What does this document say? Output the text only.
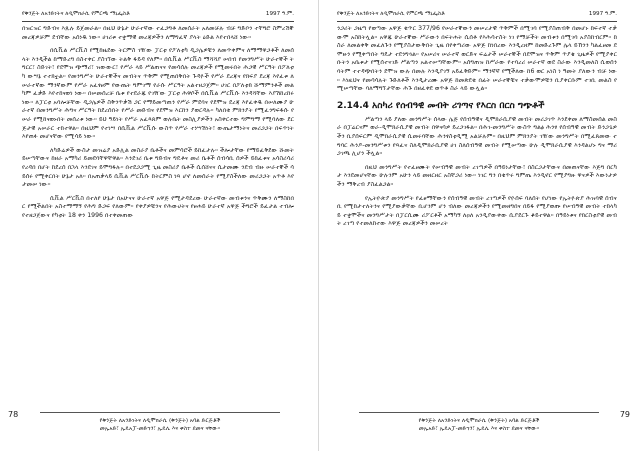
የቅንጅት ለአንድነትና ለዲሞክራሲ የምርጫ ማኒፌስቶ	1997 ዓ.ም.

በዝርዝር ግድብና እጹሉ ይጀመራል። በዚህ ሁኔታ ሁራተኛው ተፈጋግቶ ለመሰራት አለመቻሉ ብቻ ግድቦን ተቸግሮ ስምረሽኞ መረጃዎቻም ደብቸው አሰነዱ ነው። ሀገሪቱ ተቋማዊ መረጃዎችን ለማግፈኛ ያላት ዕድል እየተበላሸ ነው።

በሲቪል ሥርቪስ የሚከዜደው ትርምስ ገዥው ፓርቲ የፖለቲካ ዲጋሌዎቹን ለመጥቀምና ለማማዋጋቶች ለመሰላት እንዲችል ከማድረግ በስተቀር ያስገኘው ትልቅ ፋይዳ የለም። በሲቪል ሥርቪስ ማሻሻያ ሠበብ የመንግሥት ሁራተኞች ትግርር፣ ስድገት፣ የደሞዝ ጭማሪ፣ ዝውውር፣ የሥራ ላይ ሥልጠናና የመሳሰሉ መረጃዎች የሚመሩበት ሕጋዊ ሥርዓት በፖለቲካ ውሣኔ ተተክቷል። የመንግሥት ሁራተኞችና መብትና ጥቅም የሚጠበቅበት ጉዳዮች የሥራ ደረጃና የክፍያ ደረጃ እየፈቱ ለሠራተኛው ማንኛውም የሥራ አፈፃፀም የውጤት ግምገማ የራሱ ሥርዓት አልተዘጋጀም። ሀገር በፖለቲክ ሹማምንቶች መልካም ፈቃድ እየተከናወነ ነው። በሠመሰረቻ ቤቱ የተደራጁ የገዥው ፓርቲ ሕዋሶች በሲቪል ሥርቪሱ እንዳሻቸው እያሽከረከሩ ነው። ለፓርቲ አባሎቻቸው ዲጋሌዎች ስቅንጥቃሽ ጋር የማይመጣጠን የሥራ ምደባና የደሞዝ ደረጃ እየፈቀዱ በሠለሙያ ሁራተኛ በመንግሥት ሕግና ሥርዓት ከደረሰበት የሥራ መድብና የደሞዝ እርከን ያወርዳሉ። ካለበቂ ምክንያት የሚፈንግፍፋሱ የሠራ የሚከናወኑበት መሰረቱ ነው። ይህ ዓይነት የሥራ አፈጻጸም ወሉቤት መስሊያዎችን አስቀርተው ግምግማ የሚባለው ደርጅታዊ አሠራር ተከተዋል። በዚህም የተነሣ በሲቪል ሥርቪሱ ውስጥ የሥራ ተነሣሽነት፣ ውጤታማነትና መሪጋጋት በፍጥነት እየጠፉ መሆናቸው የሚሳይ ነው።

ለካድሬዎች ውስታ መዝሬያ አድሊል መስራያ ቤቶችና መምሳሮች ይከፈታሉ። ችሎታቸው የማይፈቅደው ሹመት ይሠጣቸውና ከዘራ አማካሪ ይመደባቸዋቸዋል። እንደገሪ ቤቱ ግድብና ግዴቶና መሪ ቤቶች ሰብሳቢ ሰዎች ይከፈቱና አሳስሪሳሪ የረዳበ በሆት ከደረሰ በኋላ እንደገና ይሞግፋሉ። በተደጋጋሚ ጊዜ መስሪያ ቤቶች ሲሰሸናና ሲታመሙ ንደብ ብዙ ሠራተኞች ሳይሰሩ የሚቀርበት ሁኔታ አለ። በአጠቃላይ ሲቪል ሥርቪሱ ከትርምስ ነጻ ሆኖ ለመሰራት የሚያስችለው መሪጋጋት አጥቶ እየታመሠ ነው።

ሲቪል ሥርቪስ በተለየ ሁኔታ በአሁናና ሁራተኛ አዋጅ የሚታዳደረው ሁራተኛው መብቱንና ጥቅሙን ለማስከበር የሚችልበት አስተማማኝ የሕግ ድጋፍ የለውም። የቀያዎቹንና የሕውሀትና የፀሐይ ሁራተኛ አዋጅ ችግሮች ይፈታል ተብሎ የተዘጋጀውና የካቲት 18 ቀን 1996 በተቀመጠው

78
የቅንጅት ለአንድነትና ለዲሞክራሲ (ቅንጅት) አባል ድርጅቶች
መኢአድ፣ ኢዴአፓ-መድኅን፣ ኢዴሊ እና ቀስተ ደመና ናቸው።
የቅንጅት ለአንድነትና ለዲሞክራሲ የምርጫ ማኒፌስቶ	1997 ዓ.ም.

ንጋሪት ጋዜጣ የወጣው አዋጅ ቁጥር 377/96 የሠራተኞውን መሠረታዊ ጥቅምች በሚገባ የሚያስጠብቅ በመሆኑ ከፍተኛ ተቃውሞ አስከትሏል። አዋጁ ሁራተኞው ሥራውን በፍትሐት ሲሰቶ የእሕሳተስት ነገ የማቻችት መብቱን በሚገባ አያስከብርም። ከስራ ለመልቀቅ መፈለጉን የሚያስታውቅበት ጊዜ በየቀጣሪው አዋጅ ከነበረው እንዲረዘም ከመድረጉም ሌላ ይኸንን ካልፈፀመ ደሞዙን የሚቀጣበት ግዴታ ተደንግጓል። የአሠሪና ሠራተኛ ወርድና ፍሬታች ሠራተኞች በደሞዝና ጥቅም ጥያቄ ጊዜዎች የሚያቀርቡትን አቤቱታ የሚሰተናገድ ሥልጣን አልተሠጣቸውም። አሰግጠዝ ከሥራው የተባረሪ ሠራተኛ ወደ ስራው እንዲመለስ ሲወሰንባትም ተተዳጭበትን ደሞዝ ውሉ በመሉ እንዲያገኝ አይፈቅድም። ማንኛኛ የሚችለው ከ6 ወር አነስ ነ ዓመት ያለውን ብቻ ነው። እነዚህና የመሳሳሉት ጉድለቶች እንዲታረሙ አዋጅ ከመጽደቁ በፊት ሠራተኞቹና ተቃውሞዎቹን ቢያቀርቡም ተገቢ መልስ የሚሠጣቸው ባለማግኘታቸው ሕጉ በዘፈቀደ ወጥቶ ስራ ላይ ውሏል።

2.14.4 አስካሪ የሰብዓዊ መብት ሪገጣና የእርስ በርስ ግጭቶች

ሥልጣን ላይ ያለው መንግሥት ሰላው ሌጅ የሰብዓዊና ዲሞክራሲያዊ መብት መሪጋገጥ እንደቀመ ለማስመሰል መስራ በፓሬርናም ወራ-ዲሞክራሲያዊ መብት በዋናሳዎ ይረጋገፋል። በሕገ-መንግሥት ውስጥ ግልፅ ሕንፃ የሰብዓዊ መብት ድንጋጌዎችን ቢያሰፍርም ዲሞክራሲያዊ ሲመሩባቸው ሕንፃስቲዲሚ አልቻሉም። በዚህም ምክንያት ገዥው መንግሥት በሚፈጸመው ተግባር ሕንዶ-መንግሥቱን የጻፈና ስለዲሞክራሲያዊ ሀገ ስለሰብዓዊ መብት የሚሠጣው ሁሉ ዲሞክራሲያዊ እንዳልሆኑ ግና ማሪጋገጫ ሊሆን ችሏል።

በዚህ መንግሥት የተፈፀሙት የሠብዓዊ መብት ረገጣዎች በዓይነታቸው፣ በስርጋታቸውና በመጠናቸው እጅግ በርካታ እንደመሆናቸው ሁሉንም አሁን ላይ መዘርዘር አስቸጋሪ ነው። ነገር ግን በቁጥሩ ግምጤ እንዲኖር የሚያግዙ ዋናዎች እውነታዎችን ማቅረብ ያስፈልጋል።

የኢትዮጵያ መንግሥት የፈፀማቸውን የሰብዓዊ መብት ረገጣዎች የዮሰፍ ባለሰት የሆነው የኢትዮጵያ ሕዝባዊ ሰብናቢ የሚከታተለትንና የሚያውቃቸው ቢሆንም ሆን ብለው መረጃዎችን የሚመዘግበና በይፋ የሚያወጡ የሠብዓዊ መብት ተከላካይ ተቋሞችና መንግሥታት በፓርሲሙ ሪፖርቶች አማካኝ ለዐለ አንዲያውቀው ሲያደርጉ ቆይተዋል። በዓይነቱና የክርስቲያዊ መብት ረገጣ የተመለከተው እዋጅ መረጃዎችን መሠረት

79
የቅንጅት ለአንድነትና ለዲሞክራሲ (ቅንጅት) አባል ድርጅቶች
መኢአድ፣ ኢዴአፓ-መድኅን፣ ኢዴሊ እና ቀስተ ደመና ናቸው።
